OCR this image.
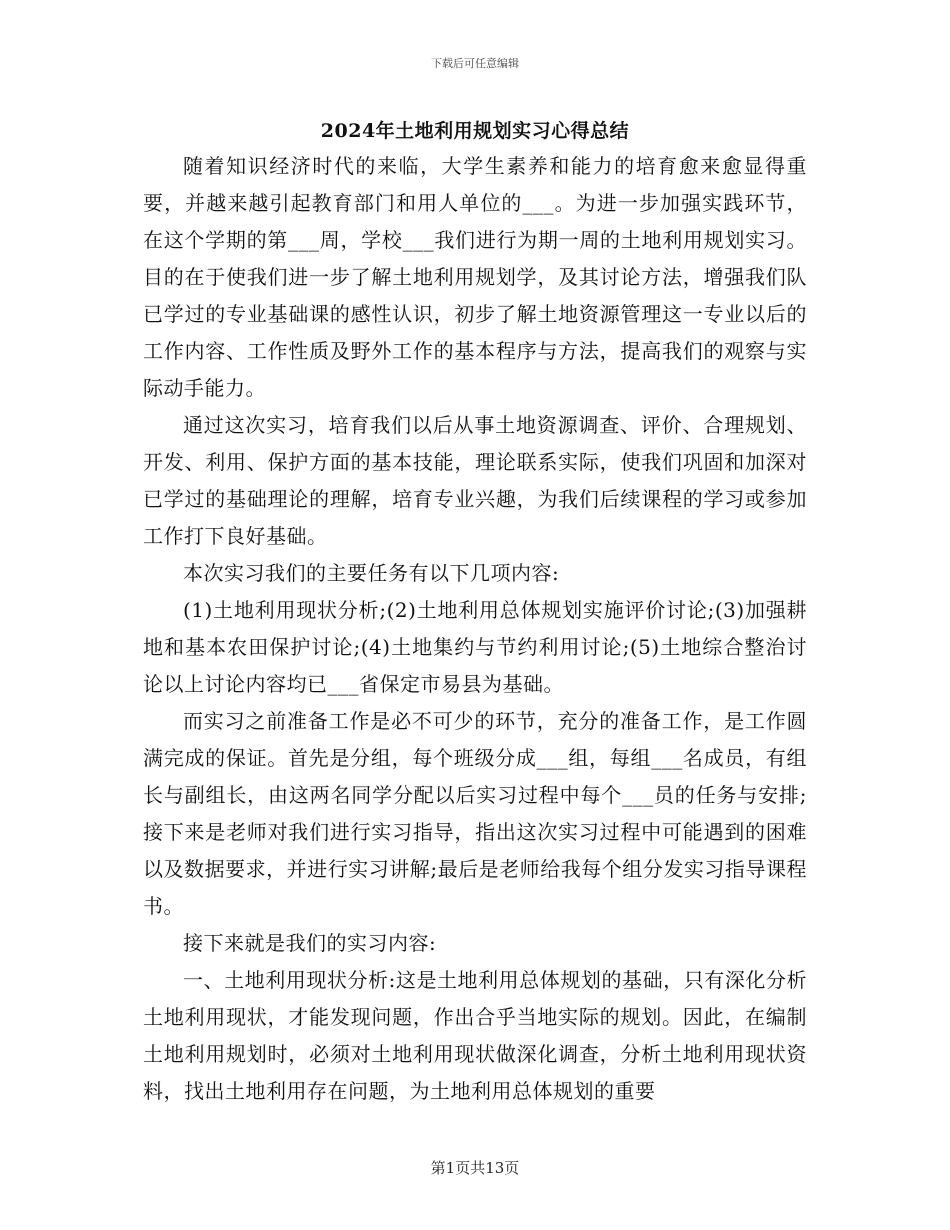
下载后可任意编辑
2024年土地利用规划实习心得总结

随着知识经济时代的来临，大学生素养和能力的培育愈来愈显得重要，并越来越引起教育部门和用人单位的___。为进一步加强实践环节，在这个学期的第___周，学校___我们进行为期一周的土地利用规划实习。目的在于使我们进一步了解土地利用规划学，及其讨论方法，增强我们队已学过的专业基础课的感性认识，初步了解土地资源管理这一专业以后的工作内容、工作性质及野外工作的基本程序与方法，提高我们的观察与实际动手能力。

通过这次实习，培育我们以后从事土地资源调查、评价、合理规划、开发、利用、保护方面的基本技能，理论联系实际，使我们巩固和加深对已学过的基础理论的理解，培育专业兴趣，为我们后续课程的学习或参加工作打下良好基础。

本次实习我们的主要任务有以下几项内容:

(1)土地利用现状分析;(2)土地利用总体规划实施评价讨论;(3)加强耕地和基本农田保护讨论;(4)土地集约与节约利用讨论;(5)土地综合整治讨论以上讨论内容均已___省保定市易县为基础。

而实习之前准备工作是必不可少的环节，充分的准备工作，是工作圆满完成的保证。首先是分组，每个班级分成___组，每组___名成员，有组长与副组长，由这两名同学分配以后实习过程中每个___员的任务与安排;接下来是老师对我们进行实习指导，指出这次实习过程中可能遇到的困难以及数据要求，并进行实习讲解;最后是老师给我每个组分发实习指导课程书。

接下来就是我们的实习内容:

一、土地利用现状分析:这是土地利用总体规划的基础，只有深化分析土地利用现状，才能发现问题，作出合乎当地实际的规划。因此，在编制土地利用规划时，必须对土地利用现状做深化调查，分析土地利用现状资料，找出土地利用存在问题，为土地利用总体规划的重要

第1页共13页
